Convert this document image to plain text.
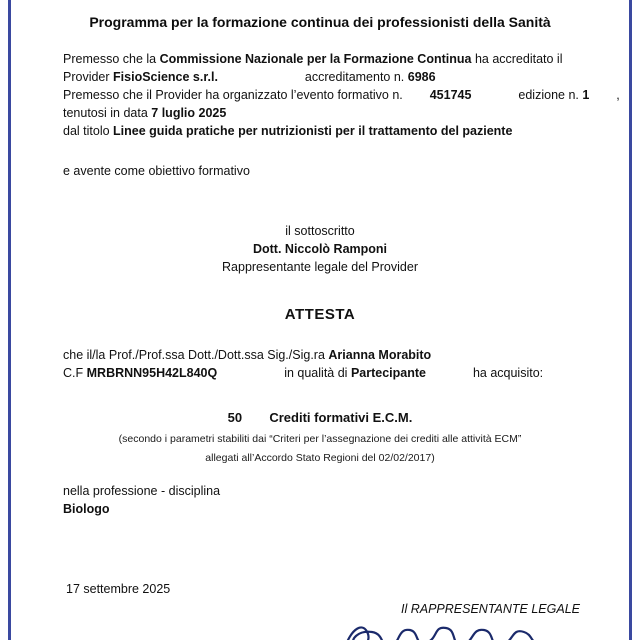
Programma per la formazione continua dei professionisti della Sanità
Premesso che la Commissione Nazionale per la Formazione Continua ha accreditato il
Provider FisioScience s.r.l.	accreditamento n. 6986
Premesso che il Provider ha organizzato l’evento formativo n. 451745	edizione n. 1 ,
tenutosi in data 7 luglio 2025
dal titolo Linee guida pratiche per nutrizionisti per il trattamento del paziente
e avente come obiettivo formativo
il sottoscritto
Dott. Niccolò Ramponi
Rappresentante legale del Provider
ATTESTA
che il/la Prof./Prof.ssa Dott./Dott.ssa Sig./Sig.ra Arianna Morabito
C.F MRBRNN95H42L840Q	in qualità di Partecipante	ha acquisito:
50 Crediti formativi E.C.M.
(secondo i parametri stabiliti dai “Criteri per l’assegnazione dei crediti alle attività ECM”
allegati all’Accordo Stato Regioni del 02/02/2017)
nella professione - disciplina
Biologo
17 settembre 2025
Il RAPPRESENTANTE LEGALE
